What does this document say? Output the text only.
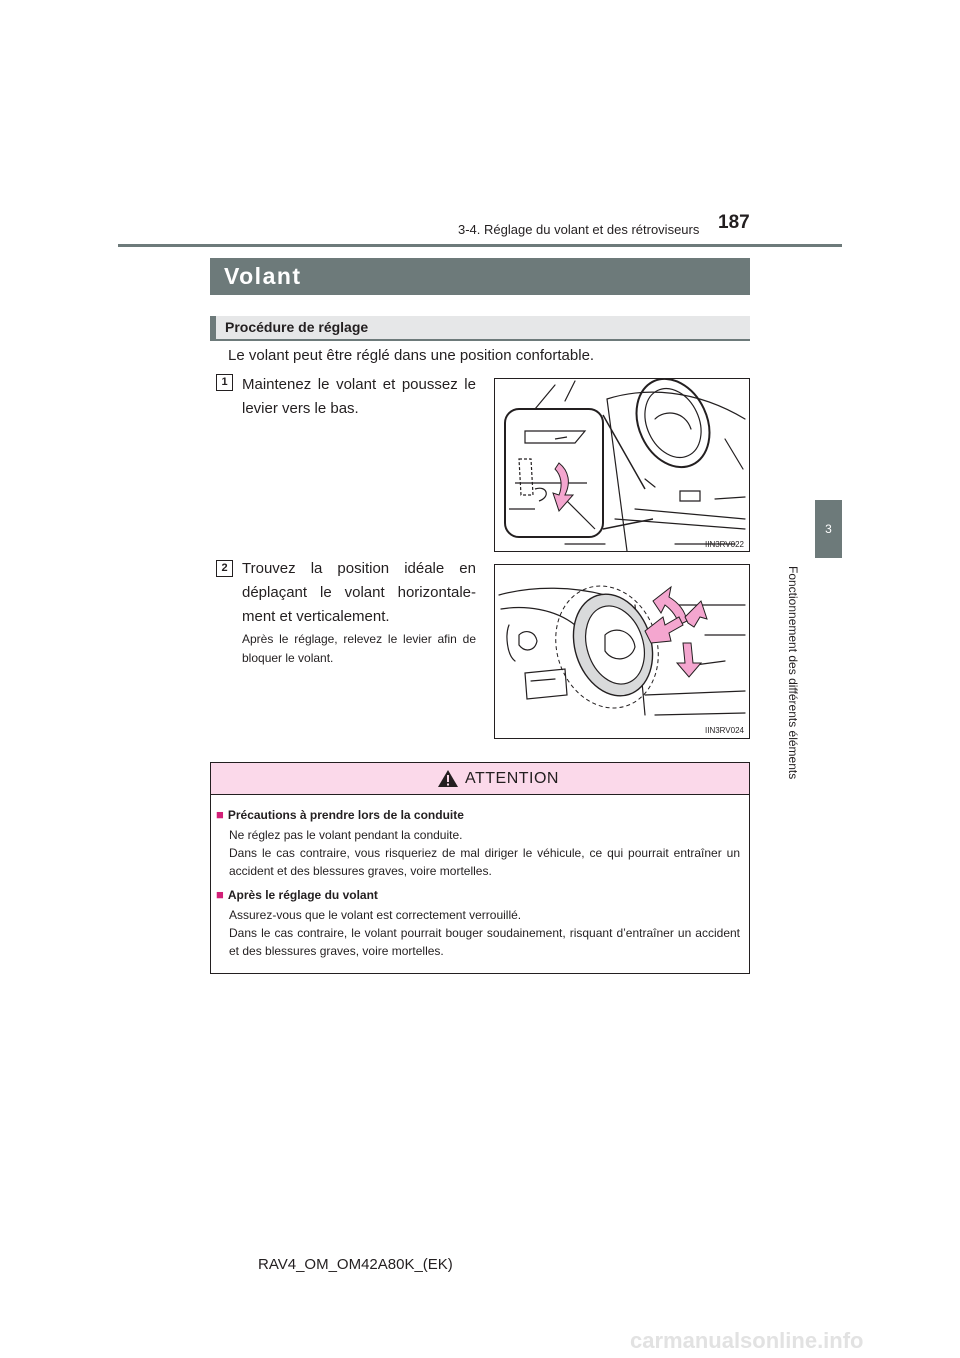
3-4. Réglage du volant et des rétroviseurs 187
3
Fonctionnement des différents éléments
Volant
Procédure de réglage
Le volant peut être réglé dans une position confortable.
1 Maintenez le volant et poussez le levier vers le bas.
IIN3RV022
2 Trouvez la position idéale en déplaçant le volant horizontale-ment et verticalement.
Après le réglage, relevez le levier afin de bloquer le volant.
IIN3RV024
ATTENTION
■ Précautions à prendre lors de la conduite
Ne réglez pas le volant pendant la conduite.
Dans le cas contraire, vous risqueriez de mal diriger le véhicule, ce qui pourrait entraîner un accident et des blessures graves, voire mortelles.
■ Après le réglage du volant
Assurez-vous que le volant est correctement verrouillé.
Dans le cas contraire, le volant pourrait bouger soudainement, risquant d’entraîner un accident et des blessures graves, voire mortelles.
RAV4_OM_OM42A80K_(EK)
carmanualsonline.info
